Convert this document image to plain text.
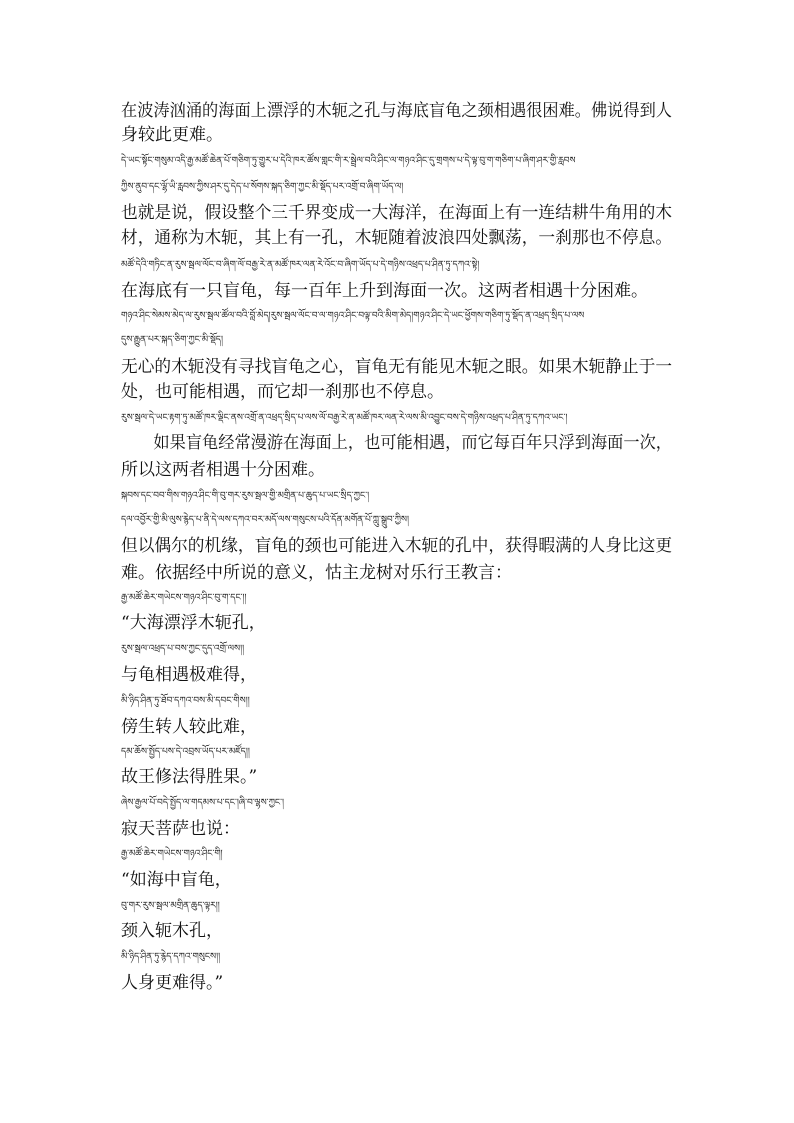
在波涛汹涌的海面上漂浮的木轭之孔与海底盲龟之颈相遇很困难。佛说得到人
身较此更难。
དེ་ཡང་སྟོང་གསུམ་འདི་རྒྱ་མཚོ་ཆེན་པོ་གཅིག་ཏུ་གྱུར་པ་དེའི་ཁར་ཚོས་གླང་གི་ར་སྦྲེལ་བའི་ཤིང་ལ་གཉའ་ཤིང་དུ་གྲགས་པ་དེ་ལྟ་བུ་ག་གཅིག་པ་ཞིག་ཤར་གྱི་རླབས
ཀྱིས་ནུབ་དང་ལྷོ་ཡི་རླབས་ཀྱིས་ཤར་དུ་དེད་པ་སོགས་སྐད་ཅིག་ཀྱང་མི་སྡོད་པར་འགྲོ་བ་ཞིག་ཡོད་ལ།
也就是说，假设整个三千界变成一大海洋，在海面上有一连结耕牛角用的木
材，通称为木轭，其上有一孔，木轭随着波浪四处飘荡，一刹那也不停息。
མཚོ་དེའི་གཏིང་ན་རུས་སྦལ་ལོང་བ་ཞིག་ལོ་བརྒྱ་རེ་ན་མཚོ་ཁར་ལན་རེ་འོང་བ་ཞིག་ཡོད་པ་དེ་གཉིས་འཕྲད་པ་ཤིན་ཏུ་དཀའ་སྟེ།
在海底有一只盲龟，每一百年上升到海面一次。这两者相遇十分困难。
གཉའ་ཤིང་སེམས་མེད་ལ་རུས་སྦལ་ཚོལ་བའི་བློ་མེད།རུས་སྦལ་ལོང་བ་ལ་གཉའ་ཤིང་བལྟ་བའི་མིག་མེད།གཉའ་ཤིང་དེ་ཡང་ཕྱོགས་གཅིག་ཏུ་སྡོད་ན་འཕྲད་སྲིད་པ་ལས
དུས་རྒྱུན་པར་སྐད་ཅིག་ཀྱང་མི་སྡོད།
无心的木轭没有寻找盲龟之心，盲龟无有能见木轭之眼。如果木轭静止于一
处，也可能相遇，而它却一刹那也不停息。
རུས་སྦལ་དེ་ཡང་རྟག་ཏུ་མཚོ་ཁར་ལྡིང་ནས་འགྲོ་ན་འཕྲད་སྲིད་པ་ལས་ལོ་བརྒྱ་རེ་ན་མཚོ་ཁར་ལན་རེ་ལས་མི་འབྱུང་བས་དེ་གཉིས་འཕྲད་པ་ཤིན་ཏུ་དཀའ་ཡང་།
　　如果盲龟经常漫游在海面上，也可能相遇，而它每百年只浮到海面一次，
所以这两者相遇十分困难。
སྐབས་དང་བབ་གིས་གཉའ་ཤིང་གི་བུ་གར་རུས་སྦལ་གྱི་མགྲིན་པ་ཆུད་པ་ཡང་སྲིད་ཀྱང་།
དལ་འབྱོར་གྱི་མི་ལུས་རྙེད་པ་ནི་དེ་ལས་དཀའ་བར་མདོ་ལས་གསུངས་པའི་དོན་མགོན་པོ་ཀླུ་སྒྲུབ་ཀྱིས།
但以偶尔的机缘，盲龟的颈也可能进入木轭的孔中，获得暇满的人身比这更
难。依据经中所说的意义，怙主龙树对乐行王教言：
རྒྱ་མཚོ་ཆེར་གཡེངས་གཉའ་ཤིང་བུ་ག་དང་།།
“大海漂浮木轭孔，
རུས་སྦལ་འཕྲད་པ་བས་ཀྱང་དུད་འགྲོ་ལས།།
与龟相遇极难得，
མི་ཉིད་ཤིན་ཏུ་ཐོབ་དཀའ་བས་མི་དབང་གིས།།
傍生转人较此难，
དམ་ཆོས་སྤྱོད་པས་དེ་འབྲས་ཡོད་པར་མཛོད།།
故王修法得胜果。”
ཞེས་རྒྱལ་པོ་བདེ་སྤྱོད་ལ་གདམས་པ་དང་།ཞི་བ་ལྷས་ཀྱང་།
寂天菩萨也说：
རྒྱ་མཚོ་ཆེར་གཡེངས་གཉའ་ཤིང་གི།
“如海中盲龟，
བུ་གར་རུས་སྦལ་མགྲིན་ཆུད་ལྟར།།
颈入轭木孔，
མི་ཉིད་ཤིན་ཏུ་རྙེད་དཀའ་གསུངས།།
人身更难得。”
